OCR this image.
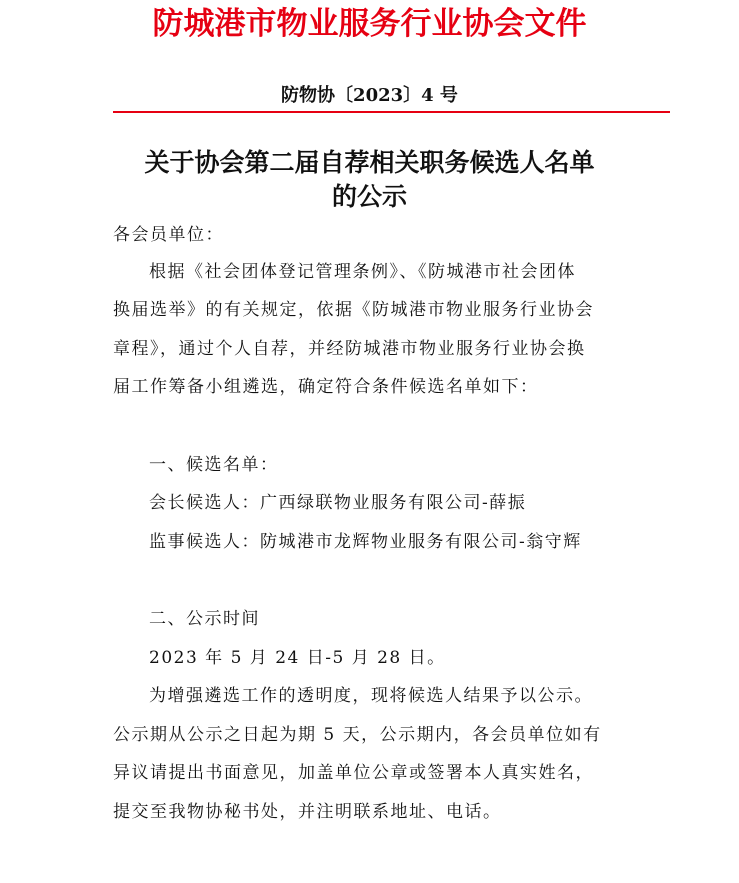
防城港市物业服务行业协会文件
防物协〔2023〕4 号
关于协会第二届自荐相关职务候选人名单
的公示
各会员单位：
根据《社会团体登记管理条例》、《防城港市社会团体
换届选举》的有关规定，依据《防城港市物业服务行业协会
章程》，通过个人自荐，并经防城港市物业服务行业协会换
届工作筹备小组遴选，确定符合条件候选名单如下：
一、候选名单：
会长候选人：广西绿联物业服务有限公司-薛振
监事候选人：防城港市龙辉物业服务有限公司-翁守辉
二、公示时间
2023 年 5 月 24 日-5 月 28 日。
为增强遴选工作的透明度，现将候选人结果予以公示。
公示期从公示之日起为期 5 天，公示期内，各会员单位如有
异议请提出书面意见，加盖单位公章或签署本人真实姓名，
提交至我物协秘书处，并注明联系地址、电话。
